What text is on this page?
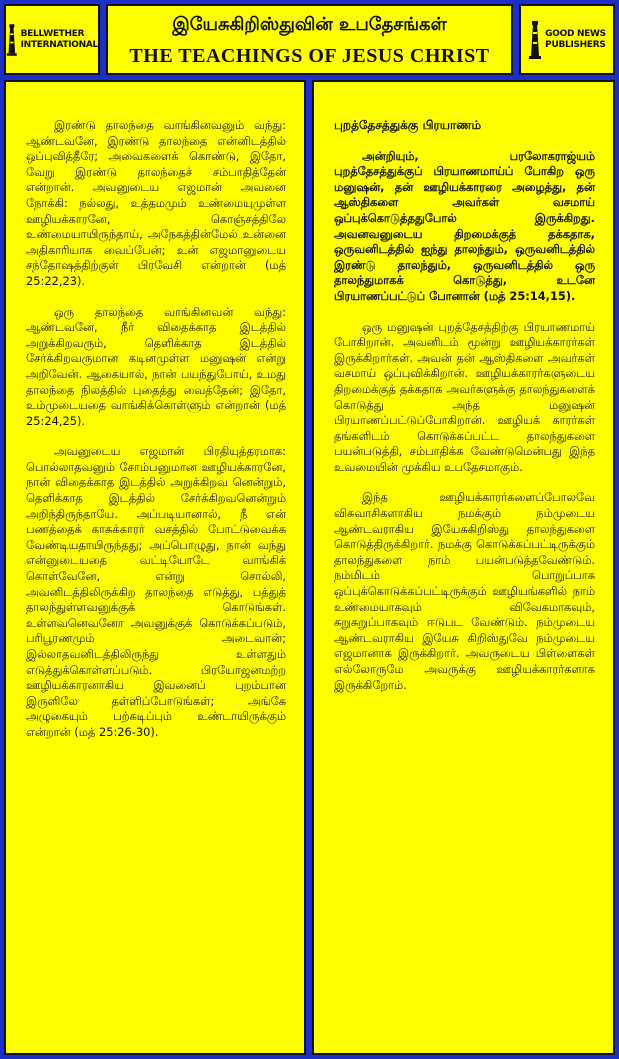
BELLWETHER
INTERNATIONAL
இயேசுகிறிஸ்துவின் உபதேசங்கள்
THE TEACHINGS OF JESUS CHRIST
GOOD NEWS
PUBLISHERS

இரண்டு தாலந்தை வாங்கினவனும் வந்து: ஆண்டவனே, இரண்டு தாலந்தை என்னிடத்தில் ஒப்புவித்தீரே; அவைகளைக் கொண்டு, இதோ, வேறு இரண்டு தாலந்தைச் சம்பாதித்தேன் என்றான். அவனுடைய எஜமான் அவனை நோக்கி: நல்லது, உத்தமமும் உண்மையுமுள்ள ஊழியக்காரனே, கொஞ்சத்திலே உண்மையாயிருந்தாய், அநேகத்தின்மேல் உன்னை அதிகாரியாக வைப்பேன்; உன் எஜமானுடைய சந்தோஷத்திற்குள் பிரவேசி என்றான் (மத் 25:22,23).

ஒரு தாலந்தை வாங்கினவன் வந்து: ஆண்டவனே, நீர் விதைக்காத இடத்தில் அறுக்கிறவரும், தெளிக்காத இடத்தில் சேர்க்கிறவருமான கடினமுள்ள மனுஷன் என்று அறிவேன். ஆகையால், நான் பயந்துபோய், உமது தாலந்தை நிலத்தில் புதைத்து வைத்தேன்; இதோ, உம்முடையதை வாங்கிக்கொள்ளும் என்றான் (மத் 25:24,25).

அவனுடைய எஜமான் பிரதியுத்தரமாக: பொல்லாதவனும் சோம்பனுமான ஊழியக்காரனே, நான் விதைக்காத இடத்தில் அறுக்கிறவ னென்றும், தெளிக்காத இடத்தில் சேர்க்கிறவனென்றும் அறிந்திருந்தாயே. அப்படியானால், நீ என் பணத்தைக் காசுக்காரர் வசத்தில் போட்டுவைக்க வேண்டியதாயிருந்தது; அப்பொழுது, நான் வந்து என்னுடையதை வட்டியோடே வாங்கிக் கொள்வேனே, என்று சொல்லி, அவனிடத்திலிருக்கிற தாலந்தை எடுத்து, பத்துத் தாலந்துள்ளவனுக்குக் கொடுங்கள். உள்ளவனெவனோ அவனுக்குக் கொடுக்கப்படும், பரிபூரணமும் அடைவான்; இல்லாதவனிடத்திலிருந்து உள்ளதும் எடுத்துக்கொள்ளப்படும். பிரயோஜனமற்ற ஊழியக்காரனாகிய இவனைப் புறம்பான இருளிலே தள்ளிப்போடுங்கள்; அங்கே அழுகையும் பற்கடிப்பும் உண்டாயிருக்கும் என்றான் (மத் 25:26-30).

புறத்தேசத்துக்கு பிரயாணம்

அன்றியும், பரலோகராஜ்யம் புறத்தேசத்துக்குப் பிரயாணமாய்ப் போகிற ஒரு மனுஷன், தன் ஊழியக்காரரை அழைத்து, தன் ஆஸ்திகளை அவர்கள் வசமாய் ஒப்புக்கொடுத்ததுபோல் இருக்கிறது. அவனவனுடைய திறமைக்குத் தக்கதாக, ஒருவனிடத்தில் ஐந்து தாலந்தும், ஒருவனிடத்தில் இரண்டு தாலந்தும், ஒருவனிடத்தில் ஒரு தாலந்துமாகக் கொடுத்து, உடனே பிரயாணப்பட்டுப் போனான் (மத் 25:14,15).

ஒரு மனுஷன் புறத்தேசத்திற்கு பிரயாணமாய் போகிறான். அவனிடம் மூன்று ஊழியக்காரர்கள் இருக்கிறார்கள். அவன் தன் ஆஸ்திகளை அவர்கள் வசமாய் ஒப்புவிக்கிறான். ஊழியக்காரர்களுடைய திறமைக்குத் தக்கதாக அவர்களுக்கு தாலந்துகளைக் கொடுத்து அந்த மனுஷன் பிரயாணப்பட்டுப்போகிறான். ஊழியக் காரர்கள் தங்களிடம் கொடுக்கப்பட்ட தாலந்துகளை பயன்படுத்தி, சம்பாதிக்க வேண்டுமென்பது இந்த உவமையின் முக்கிய உபதேசமாகும்.

இந்த ஊழியக்காரர்களைப்போலவே விசுவாசிகளாகிய நமக்கும் நம்முடைய ஆண்டவராகிய இயேசுகிறிஸ்து தாலந்துகளை கொடுத்திருக்கிறார். நமக்கு கொடுக்கப்பட்டிருக்கும் தாலந்துகளை நாம் பயன்படுத்தவேண்டும். நம்மிடம் பொறுப்பாக ஒப்புக்கொடுக்கப்பட்டிருக்கும் ஊழியங்களில் நாம் உண்மையாகவும் விவேகமாகவும், சுறுசுறுப்பாகவும் ஈடுபட வேண்டும். நம்முடைய ஆண்டவராகிய இயேசு கிறிஸ்துவே நம்முடைய எஜமானாக இருக்கிறார். அவருடைய பிள்ளைகள் எல்லோருமே அவருக்கு ஊழியக்காரர்களாக இருக்கிறோம்.
